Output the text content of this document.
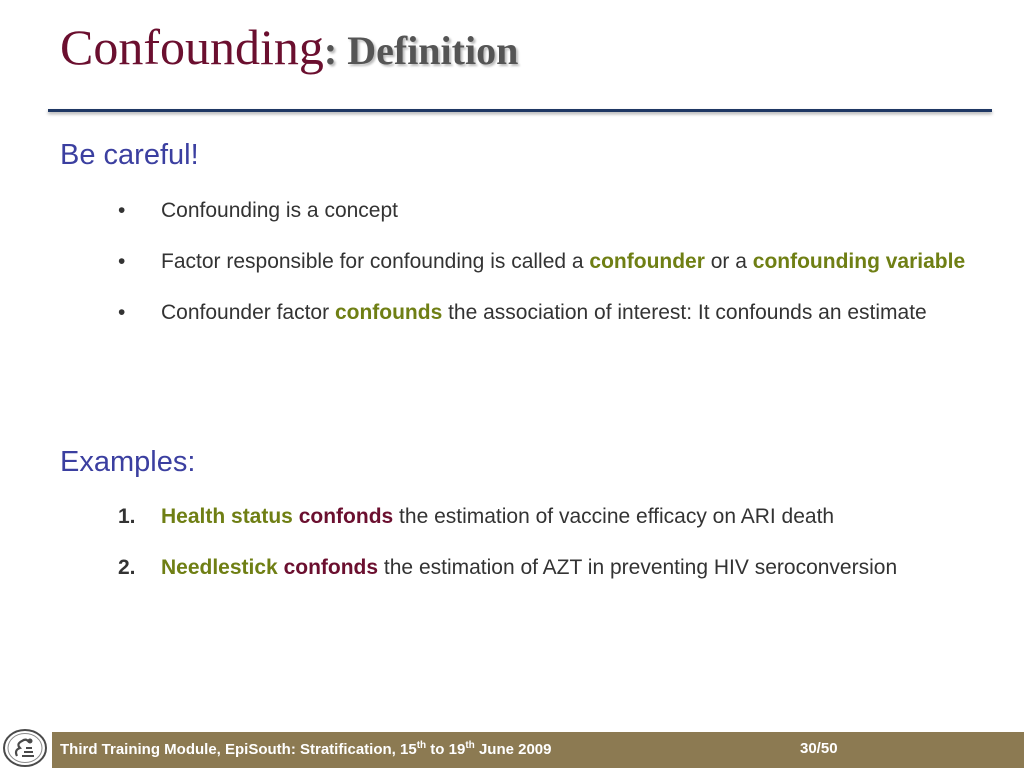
Confounding: Definition
Be careful!
•	Confounding is a concept
•	Factor responsible for confounding is called a confounder or a confounding variable
•	Confounder factor confounds the association of interest: It confounds an estimate
Examples:
1.	Health status confonds the estimation of vaccine efficacy on ARI death
2.	Needlestick confonds the estimation of AZT in preventing HIV seroconversion
Third Training Module, EpiSouth: Stratification, 15th to 19th June 2009	30/50
